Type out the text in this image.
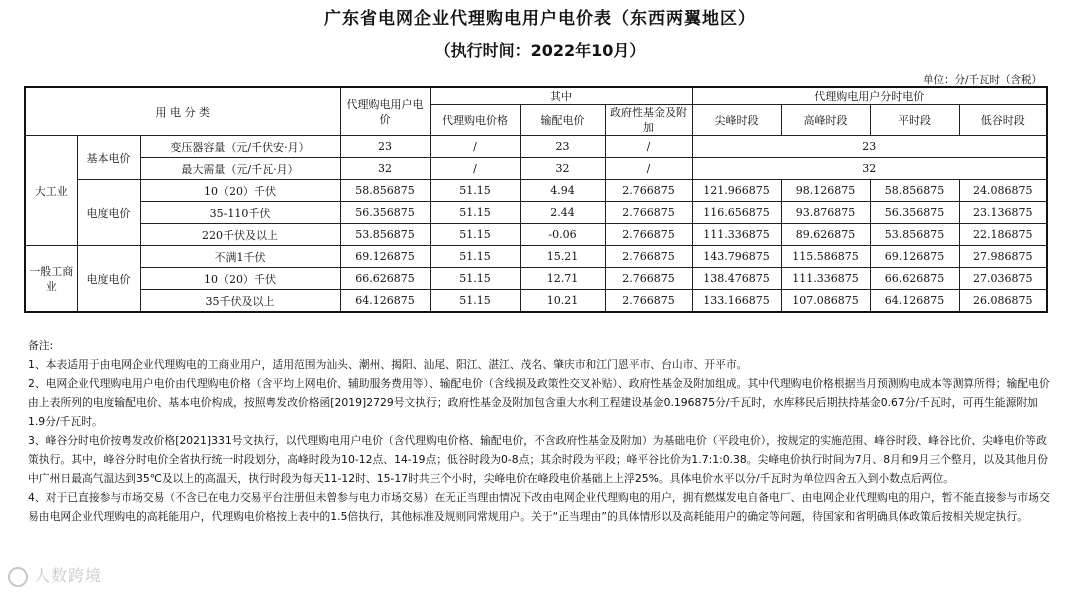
广东省电网企业代理购电用户电价表（东西两翼地区）
（执行时间：2022年10月）
单位：分/千瓦时（含税）
用 电 分 类			代理购电用户电价	其中			代理购电用户分时电价			
				代理购电价格	输配电价	政府性基金及附加	尖峰时段	高峰时段	平时段	低谷时段
大工业	基本电价	变压器容量（元/千伏安·月）	23	/	23	/	23			
		最大需量（元/千瓦·月）	32	/	32	/	32			
	电度电价	10（20）千伏	58.856875	51.15	4.94	2.766875	121.966875	98.126875	58.856875	24.086875
		35-110千伏	56.356875	51.15	2.44	2.766875	116.656875	93.876875	56.356875	23.136875
		220千伏及以上	53.856875	51.15	-0.06	2.766875	111.336875	89.626875	53.856875	22.186875
一般工商业	电度电价	不满1千伏	69.126875	51.15	15.21	2.766875	143.796875	115.586875	69.126875	27.986875
		10（20）千伏	66.626875	51.15	12.71	2.766875	138.476875	111.336875	66.626875	27.036875
		35千伏及以上	64.126875	51.15	10.21	2.766875	133.166875	107.086875	64.126875	26.086875

备注:

1、本表适用于由电网企业代理购电的工商业用户，适用范围为汕头、潮州、揭阳、汕尾、阳江、湛江、茂名、肇庆市和江门恩平市、台山市、开平市。

2、电网企业代理购电用户电价由代理购电价格（含平均上网电价、辅助服务费用等）、输配电价（含线损及政策性交叉补贴）、政府性基金及附加组成。其中代理购电价格根据当月预测购电成本等测算所得；输配电价由上表所列的电度输配电价、基本电价构成，按照粤发改价格函[2019]2729号文执行；政府性基金及附加包含重大水利工程建设基金0.196875分/千瓦时，水库移民后期扶持基金0.67分/千瓦时，可再生能源附加1.9分/千瓦时。

3、峰谷分时电价按粤发改价格[2021]331号文执行，以代理购电用户电价（含代理购电价格、输配电价，不含政府性基金及附加）为基础电价（平段电价），按规定的实施范围、峰谷时段、峰谷比价、尖峰电价等政策执行。其中，峰谷分时电价全省执行统一时段划分，高峰时段为10-12点、14-19点；低谷时段为0-8点；其余时段为平段；峰平谷比价为1.7:1:0.38。尖峰电价执行时间为7月、8月和9月三个整月，以及其他月份中广州日最高气温达到35℃及以上的高温天，执行时段为每天11-12时、15-17时共三个小时，尖峰电价在峰段电价基础上上浮25%。具体电价水平以分/千瓦时为单位四舍五入到小数点后两位。

4、对于已直接参与市场交易（不含已在电力交易平台注册但未曾参与电力市场交易）在无正当理由情况下改由电网企业代理购电的用户，拥有燃煤发电自备电厂、由电网企业代理购电的用户，暂不能直接参与市场交易由电网企业代理购电的高耗能用户，代理购电价格按上表中的1.5倍执行，其他标准及规则同常规用户。关于“正当理由”的具体情形以及高耗能用户的确定等问题，待国家和省明确具体政策后按相关规定执行。

人数跨境
